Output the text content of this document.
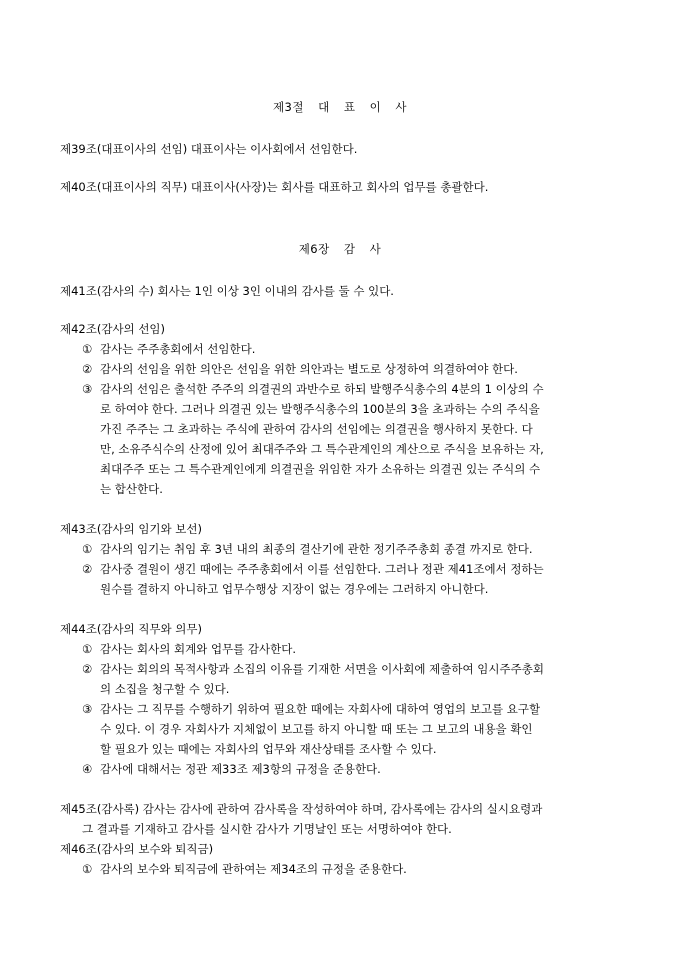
제3절 대 표 이 사
제39조(대표이사의 선임) 대표이사는 이사회에서 선임한다.
제40조(대표이사의 직무) 대표이사(사장)는 회사를 대표하고 회사의 업무를 총괄한다.
제6장 감 사
제41조(감사의 수) 회사는 1인 이상 3인 이내의 감사를 둘 수 있다.
제42조(감사의 선임)
① 감사는 주주총회에서 선임한다.
② 감사의 선임을 위한 의안은 선임을 위한 의안과는 별도로 상정하여 의결하여야 한다.
③ 감사의 선임은 출석한 주주의 의결권의 과반수로 하되 발행주식총수의 4분의 1 이상의 수
로 하여야 한다. 그러나 의결권 있는 발행주식총수의 100분의 3을 초과하는 수의 주식을
가진 주주는 그 초과하는 주식에 관하여 감사의 선임에는 의결권을 행사하지 못한다. 다
만, 소유주식수의 산정에 있어 최대주주와 그 특수관계인의 계산으로 주식을 보유하는 자,
최대주주 또는 그 특수관계인에게 의결권을 위임한 자가 소유하는 의결권 있는 주식의 수
는 합산한다.
제43조(감사의 임기와 보선)
① 감사의 임기는 취임 후 3년 내의 최종의 결산기에 관한 정기주주총회 종결 까지로 한다.
② 감사중 결원이 생긴 때에는 주주총회에서 이를 선임한다. 그러나 정관 제41조에서 정하는
원수를 결하지 아니하고 업무수행상 지장이 없는 경우에는 그러하지 아니한다.
제44조(감사의 직무와 의무)
① 감사는 회사의 회계와 업무를 감사한다.
② 감사는 회의의 목적사항과 소집의 이유를 기재한 서면을 이사회에 제출하여 임시주주총회
의 소집을 청구할 수 있다.
③ 감사는 그 직무를 수행하기 위하여 필요한 때에는 자회사에 대하여 영업의 보고를 요구할
수 있다. 이 경우 자회사가 지체없이 보고를 하지 아니할 때 또는 그 보고의 내용을 확인
할 필요가 있는 때에는 자회사의 업무와 재산상태를 조사할 수 있다.
④ 감사에 대해서는 정관 제33조 제3항의 규정을 준용한다.
제45조(감사록) 감사는 감사에 관하여 감사록을 작성하여야 하며, 감사록에는 감사의 실시요령과
그 결과를 기재하고 감사를 실시한 감사가 기명날인 또는 서명하여야 한다.
제46조(감사의 보수와 퇴직금)
① 감사의 보수와 퇴직금에 관하여는 제34조의 규정을 준용한다.
